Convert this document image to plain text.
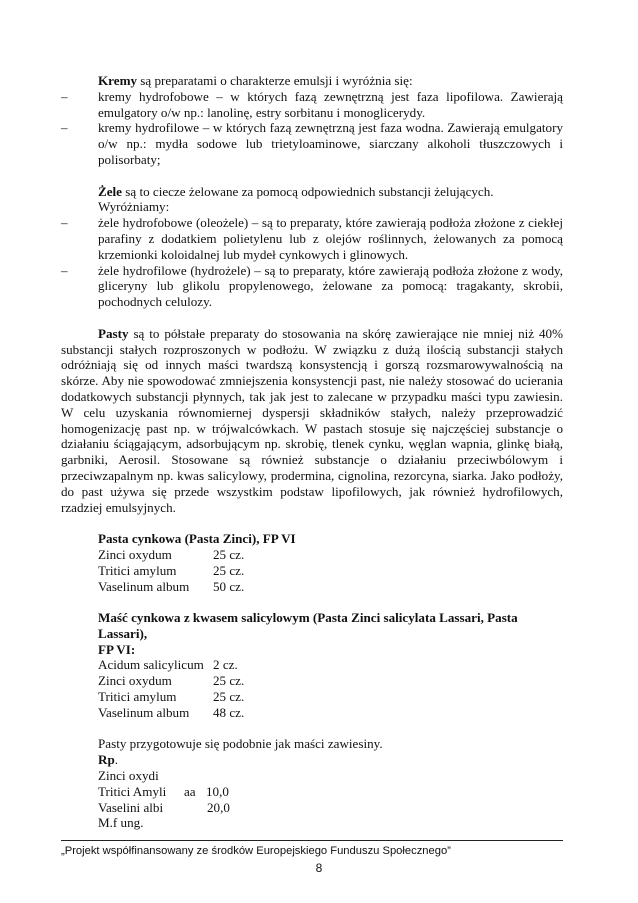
Kremy są preparatami o charakterze emulsji i wyróżnia się:

– kremy hydrofobowe – w których fazą zewnętrzną jest faza lipofilowa. Zawierają emulgatory o/w np.: lanolinę, estry sorbitanu i monoglicerydy.
– kremy hydrofilowe – w których fazą zewnętrzną jest faza wodna. Zawierają emulgatory o/w np.: mydła sodowe lub trietyloaminowe, siarczany alkoholi tłuszczowych i polisorbaty;

Żele są to ciecze żelowane za pomocą odpowiednich substancji żelujących.

Wyróżniamy:

– żele hydrofobowe (oleożele) – są to preparaty, które zawierają podłoża złożone z ciekłej parafiny z dodatkiem polietylenu lub z olejów roślinnych, żelowanych za pomocą krzemionki koloidalnej lub mydeł cynkowych i glinowych.
– żele hydrofilowe (hydrożele) – są to preparaty, które zawierają podłoża złożone z wody, gliceryny lub glikolu propylenowego, żelowane za pomocą: tragakanty, skrobii, pochodnych celulozy.

Pasty są to półstałe preparaty do stosowania na skórę zawierające nie mniej niż 40% substancji stałych rozproszonych w podłożu. W związku z dużą ilością substancji stałych odróżniają się od innych maści twardszą konsystencją i gorszą rozsmarowywalnością na skórze. Aby nie spowodować zmniejszenia konsystencji past, nie należy stosować do ucierania dodatkowych substancji płynnych, tak jak jest to zalecane w przypadku maści typu zawiesin. W celu uzyskania równomiernej dyspersji składników stałych, należy przeprowadzić homogenizację past np. w trójwalcówkach. W pastach stosuje się najczęściej substancje o działaniu ściągającym, adsorbującym np. skrobię, tlenek cynku, węglan wapnia, glinkę białą, garbniki, Aerosil. Stosowane są również substancje o działaniu przeciwbólowym i przeciwzapalnym np. kwas salicylowy, prodermina, cignolina, rezorcyna, siarka. Jako podłoży, do past używa się przede wszystkim podstaw lipofilowych, jak również hydrofilowych, rzadziej emulsyjnych.

Pasta cynkowa (Pasta Zinci), FP VI

Zinci oxydum	25 cz.
Tritici amylum	25 cz.
Vaselinum album	50 cz.

Maść cynkowa z kwasem salicylowym (Pasta Zinci salicylata Lassari, Pasta Lassari),

FP VI:

Acidum salicylicum 2 cz.
Zinci oxydum	25 cz.
Tritici amylum	25 cz.
Vaselinum album	48 cz.

Pasty przygotowuje się podobnie jak maści zawiesiny.

Rp.

Zinci oxydi

Tritici Amyli	aa 10,0
Vaselini albi	20,0

M.f ung.

„Projekt współfinansowany ze środków Europejskiego Funduszu Społecznego”
8
